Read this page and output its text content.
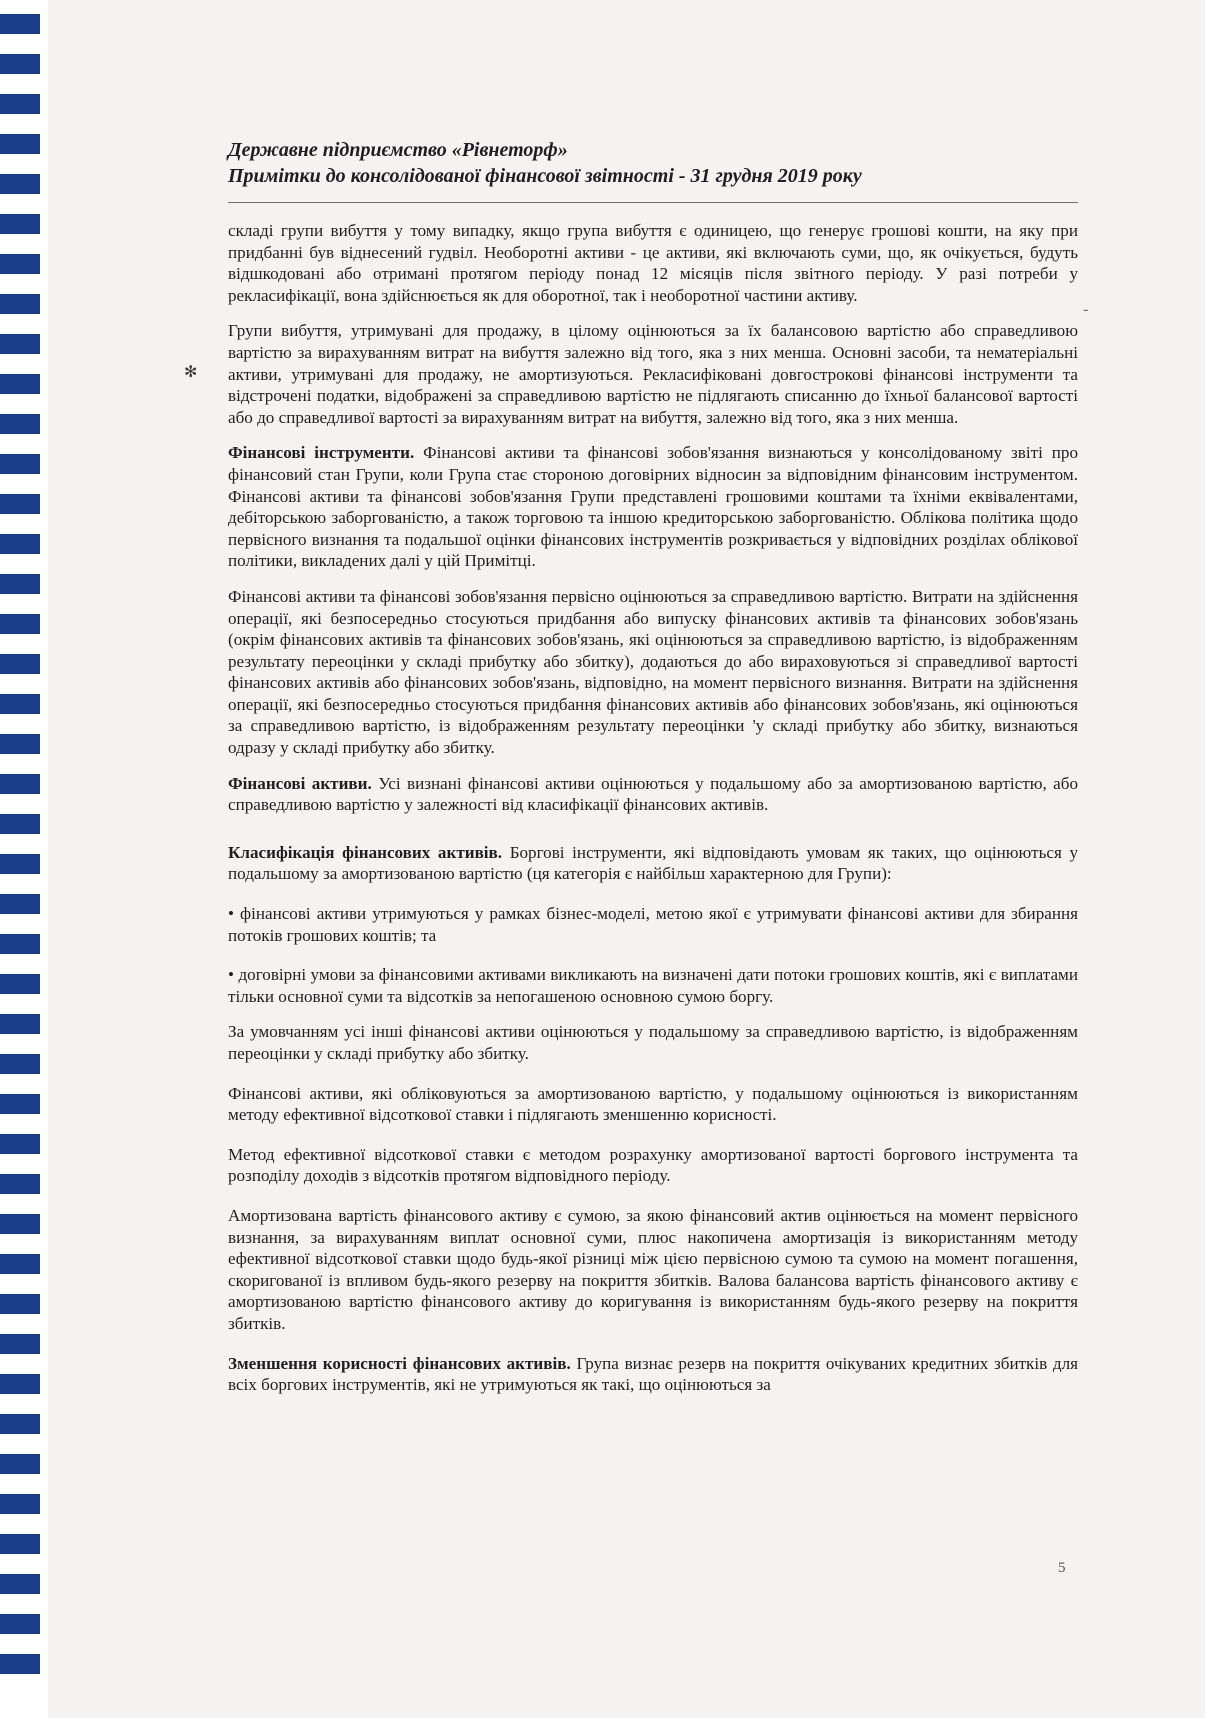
Державне підприємство «Рівнеторф»
Примітки до консолідованої фінансової звітності - 31 грудня 2019 року
✻
-

складі групи вибуття у тому випадку, якщо група вибуття є одиницею, що генерує грошові кошти, на яку при придбанні був віднесений гудвіл. Необоротні активи - це активи, які включають суми, що, як очікується, будуть відшкодовані або отримані протягом періоду понад 12 місяців після звітного періоду. У разі потреби у рекласифікації, вона здійснюється як для оборотної, так і необоротної частини активу.

Групи вибуття, утримувані для продажу, в цілому оцінюються за їх балансовою вартістю або справедливою вартістю за вирахуванням витрат на вибуття залежно від того, яка з них менша. Основні засоби, та нематеріальні активи, утримувані для продажу, не амортизуються. Рекласифіковані довгострокові фінансові інструменти та відстрочені податки, відображені за справедливою вартістю не підлягають списанню до їхньої балансової вартості або до справедливої вартості за вирахуванням витрат на вибуття, залежно від того, яка з них менша.

Фінансові інструменти. Фінансові активи та фінансові зобов'язання визнаються у консолідованому звіті про фінансовий стан Групи, коли Група стає стороною договірних відносин за відповідним фінансовим інструментом. Фінансові активи та фінансові зобов'язання Групи представлені грошовими коштами та їхніми еквівалентами, дебіторською заборгованістю, а також торговою та іншою кредиторською заборгованістю. Облікова політика щодо первісного визнання та подальшої оцінки фінансових інструментів розкривається у відповідних розділах облікової політики, викладених далі у цій Примітці.

Фінансові активи та фінансові зобов'язання первісно оцінюються за справедливою вартістю. Витрати на здійснення операції, які безпосередньо стосуються придбання або випуску фінансових активів та фінансових зобов'язань (окрім фінансових активів та фінансових зобов'язань, які оцінюються за справедливою вартістю, із відображенням результату переоцінки у складі прибутку або збитку), додаються до або вираховуються зі справедливої вартості фінансових активів або фінансових зобов'язань, відповідно, на момент первісного визнання. Витрати на здійснення операції, які безпосередньо стосуються придбання фінансових активів або фінансових зобов'язань, які оцінюються за справедливою вартістю, із відображенням результату переоцінки 'у складі прибутку або збитку, визнаються одразу у складі прибутку або збитку.

Фінансові активи. Усі визнані фінансові активи оцінюються у подальшому або за амортизованою вартістю, або справедливою вартістю у залежності від класифікації фінансових активів.

Класифікація фінансових активів. Боргові інструменти, які відповідають умовам як таких, що оцінюються у подальшому за амортизованою вартістю (ця категорія є найбільш характерною для Групи):

• фінансові активи утримуються у рамках бізнес-моделі, метою якої є утримувати фінансові активи для збирання потоків грошових коштів; та

• договірні умови за фінансовими активами викликають на визначені дати потоки грошових коштів, які є виплатами тільки основної суми та відсотків за непогашеною основною сумою боргу.

За умовчанням усі інші фінансові активи оцінюються у подальшому за справедливою вартістю, із відображенням переоцінки у складі прибутку або збитку.

Фінансові активи, які обліковуються за амортизованою вартістю, у подальшому оцінюються із використанням методу ефективної відсоткової ставки і підлягають зменшенню корисності.

Метод ефективної відсоткової ставки є методом розрахунку амортизованої вартості боргового інструмента та розподілу доходів з відсотків протягом відповідного періоду.

Амортизована вартість фінансового активу є сумою, за якою фінансовий актив оцінюється на момент первісного визнання, за вирахуванням виплат основної суми, плюс накопичена амортизація із використанням методу ефективної відсоткової ставки щодо будь-якої різниці між цією первісною сумою та сумою на момент погашення, скоригованої із впливом будь-якого резерву на покриття збитків. Валова балансова вартість фінансового активу є амортизованою вартістю фінансового активу до коригування із використанням будь-якого резерву на покриття збитків.

Зменшення корисності фінансових активів. Група визнає резерв на покриття очікуваних кредитних збитків для всіх боргових інструментів, які не утримуються як такі, що оцінюються за

5
